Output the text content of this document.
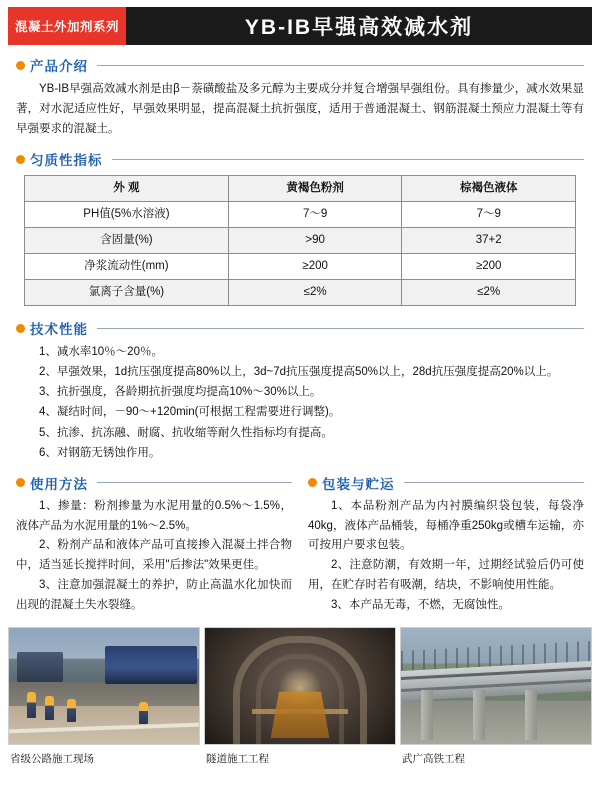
混凝土外加剂系列	YB-IB早强高效减水剂
产品介绍
YB-IB早强高效减水剂是由β－萘磺酸盐及多元醇为主要成分并复合增强早强组份。具有掺量少，减水效果显著，对水泥适应性好，早强效果明显，提高混凝土抗折强度，适用于普通混凝土、钢筋混凝土预应力混凝土等有早强要求的混凝土。
匀质性指标
外 观	黄褐色粉剂	棕褐色液体
PH值(5%水溶液)	7～9	7～9
含固量(%)	>90	37+2
净浆流动性(mm)	≥200	≥200
氯离子含量(%)	≤2%	≤2%
技术性能
1、减水率10％～20％。
2、早强效果，1d抗压强度提高80%以上，3d~7d抗压强度提高50%以上，28d抗压强度提高20%以上。
3、抗折强度，各龄期抗折强度均提高10%～30%以上。
4、凝结时间，－90～+120min(可根据工程需要进行调整)。
5、抗渗、抗冻融、耐腐、抗收缩等耐久性指标均有提高。
6、对钢筋无锈蚀作用。
使用方法
1、掺量：粉剂掺量为水泥用量的0.5%～1.5%，液体产品为水泥用量的1%～2.5%。
2、粉剂产品和液体产品可直接掺入混凝土拌合物中，适当延长搅拌时间，采用"后掺法"效果更佳。
3、注意加强混凝土的养护，防止高温水化加快而出现的混凝土失水裂缝。
包装与贮运
1、本品粉剂产品为内衬膜编织袋包装，每袋净40kg，液体产品桶装，每桶净重250kg或槽车运输，亦可按用户要求包装。
2、注意防潮，有效期一年，过期经试验后仍可使用，在贮存时若有吸潮，结块，不影响使用性能。
3、本产品无毒，不燃，无腐蚀性。
省级公路施工现场	隧道施工工程	武广高铁工程
